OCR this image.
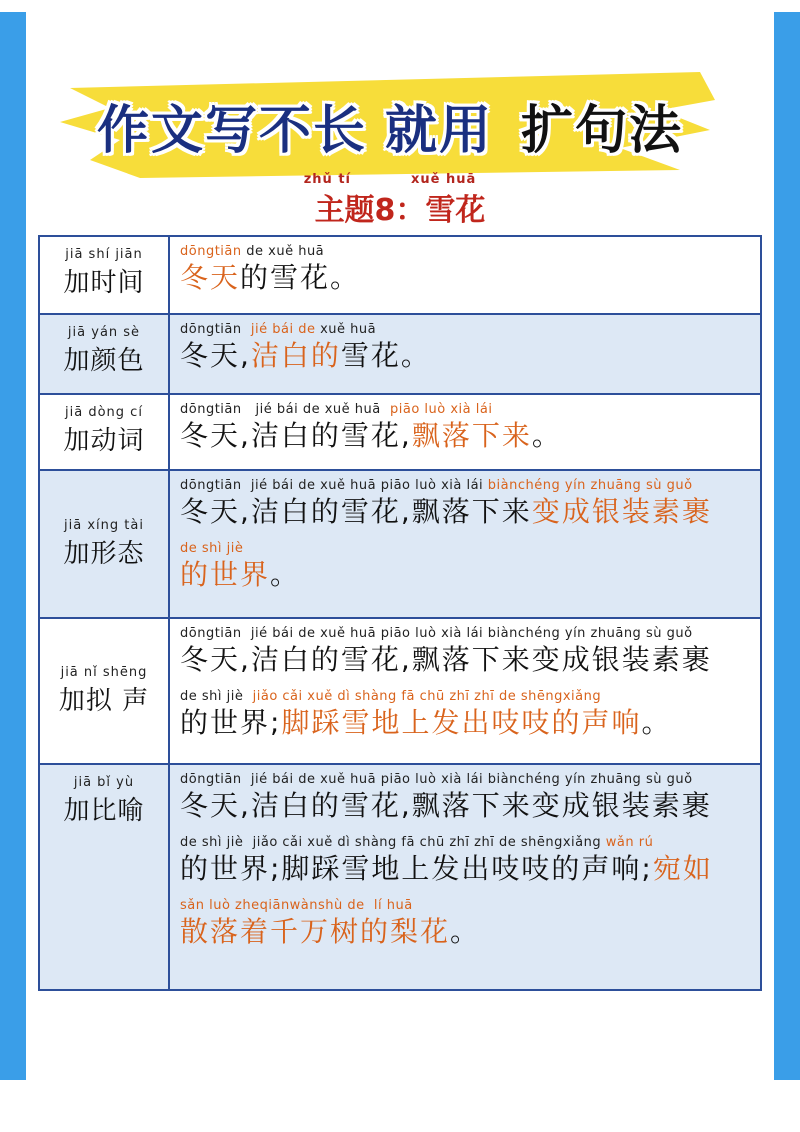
作文写不长 就用 扩句法
zhǔ tí	xuě huā
主题8：雪花
jiā shí jiān
加时间
dōngtiān de xuě huā
冬天的雪花。
jiā yán sè
加颜色
dōngtiān  jié bái de xuě huā
冬天,洁白的雪花。
jiā dòng cí
加动词
dōngtiān   jié bái de xuě huā  piāo luò xià lái
冬天,洁白的雪花,飘落下来。
jiā xíng tài
加形态
dōngtiān  jié bái de xuě huā piāo luò xià lái biànchéng yín zhuāng sù guǒ
冬天,洁白的雪花,飘落下来变成银装素裹
de shì jiè
的世界。
jiā nǐ shēng
加拟 声
dōngtiān  jié bái de xuě huā piāo luò xià lái biànchéng yín zhuāng sù guǒ
冬天,洁白的雪花,飘落下来变成银装素裹
de shì jiè  jiǎo cǎi xuě dì shàng fā chū zhī zhī de shēngxiǎng
的世界;脚踩雪地上发出吱吱的声响。
jiā bǐ yù
加比喻
dōngtiān  jié bái de xuě huā piāo luò xià lái biànchéng yín zhuāng sù guǒ
冬天,洁白的雪花,飘落下来变成银装素裹
de shì jiè  jiǎo cǎi xuě dì shàng fā chū zhī zhī de shēngxiǎng wǎn rú
的世界;脚踩雪地上发出吱吱的声响;宛如
sǎn luò zheqiānwànshù de  lí huā
散落着千万树的梨花。
